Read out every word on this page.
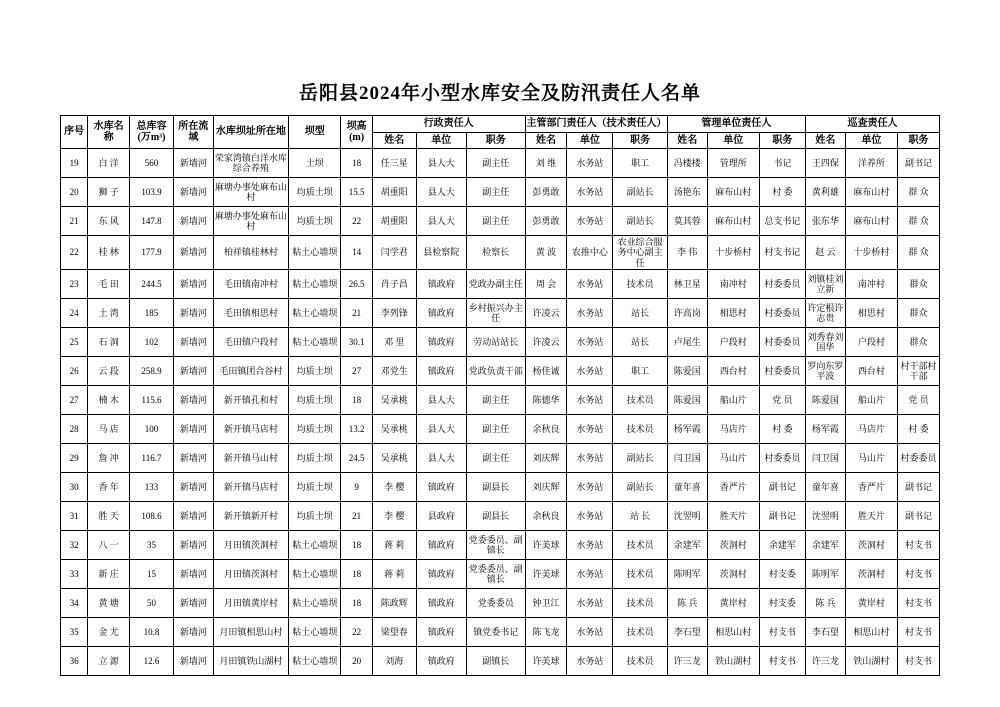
岳阳县2024年小型水库安全及防汛责任人名单
序号	水库名称	总库容(万m³)	所在流域	水库坝址所在地	坝型	坝高(m)	行政责任人			主管部门责任人（技术责任人）			管理单位责任人			巡查责任人		
							姓名	单位	职务	姓名	单位	职务	姓名	单位	职务	姓名	单位	职务
19	白 洋	560	新墙河	荣家湾镇白洋水库综合养殖	土坝	18	任三星	县人大	副主任	刘 维	水务站	职工	冯楼楼	管理所	书记	王四保	洋养所	副书记
20	狮 子	103.9	新墙河	麻塘办事处麻布山村	均质土坝	15.5	胡重阳	县人大	副主任	彭勇敢	水务站	副站长	汤艳东	麻布山村	村 委	黄利雄	麻布山村	群 众
21	东 风	147.8	新墙河	麻塘办事处麻布山村	均质土坝	22	胡重阳	县人大	副主任	彭勇敢	水务站	副站长	莫其蓉	麻布山村	总支书记	张东华	麻布山村	群 众
22	桂 林	177.9	新墙河	柏祥镇桂林村	粘土心墙坝	14	闫学君	县检察院	检察长	黄 波	农推中心	农业综合服务中心副主任	李 伟	十步桥村	村支书记	赵 云	十步桥村	群 众
23	毛 田	244.5	新墙河	毛田镇南冲村	粘土心墙坝	26.5	肖子昌	镇政府	党政办副主任	周 会	水务站	技术员	林卫星	南冲村	村委委员	刘镇桂刘立新	南冲村	群众
24	土 湾	185	新墙河	毛田镇相思村	粘土心墙坝	21	李列锋	镇政府	乡村振兴办主任	许凌云	水务站	站长	许高岗	相思村	村委委员	许定根许志贵	相思村	群众
25	石 洞	102	新墙河	毛田镇户段村	粘土心墙坝	30.1	邓 里	镇政府	劳动站站长	许凌云	水务站	站长	卢尾生	户段村	村委委员	刘秀春刘国华	户段村	群众
26	云 段	258.9	新墙河	毛田镇团合谷村	均质土坝	27	邓党生	镇政府	党政负责干部	杨佳诚	水务站	职工	陈爱国	西台村	村委委员	罗向东罗平波	西台村	村干部村干部
27	楠 木	115.6	新墙河	新开镇孔和村	均质土坝	18	吴承桃	县人大	副主任	陈德华	水务站	技术员	陈爱国	船山片	党 员	陈爱国	船山片	党 员
28	马 店	100	新墙河	新开镇马店村	均质土坝	13.2	吴承桃	县人大	副主任	余秋良	水务站	技术员	杨军霞	马店片	村 委	杨军霞	马店片	村 委
29	詹 冲	116.7	新墙河	新开镇马山村	均质土坝	24.5	吴承桃	县人大	副主任	刘庆辉	水务站	副站长	闫卫国	马山片	村委委员	闫卫国	马山片	村委委员
30	香 年	133	新墙河	新开镇马店村	均质土坝	9	李 樱	镇政府	副县长	刘庆辉	水务站	副站长	童年喜	香严片	副书记	童年喜	香严片	副书记
31	胜 天	108.6	新墙河	新开镇新开村	均质土坝	21	李 樱	县政府	副县长	余秋良	水务站	站 长	沈翌明	胜天片	副书记	沈翌明	胜天片	副书记
32	八 一	35	新墙河	月田镇茨洞村	粘土心墙坝	18	蒋 莉	镇政府	党委委员、副镇长	许美球	水务站	技术员	余建军	茨洞村	余建军	余建军	茨洞村	村支书
33	新 庄	15	新墙河	月田镇茨洞村	粘土心墙坝	18	蒋 莉	镇政府	党委委员、副镇长	许美球	水务站	技术员	陈明军	茨洞村	村支委	陈明军	茨洞村	村支书
34	黄 塘	50	新墙河	月田镇黄岸村	粘土心墙坝	18	陈政辉	镇政府	党委委员	钟卫江	水务站	技术员	陈 兵	黄岸村	村支委	陈 兵	黄岸村	村支书
35	金 尤	10.8	新墙河	月田镇相思山村	粘土心墙坝	22	梁望春	镇政府	镇党委书记	陈飞龙	水务站	技术员	李石望	相思山村	村支书	李石望	相思山村	村支书
36	立 源	12.6	新墙河	月田镇铁山湖村	粘土心墙坝	20	刘海	镇政府	副镇长	许美球	水务站	技术员	许三龙	铁山湖村	村支书	许三龙	铁山湖村	村支书
